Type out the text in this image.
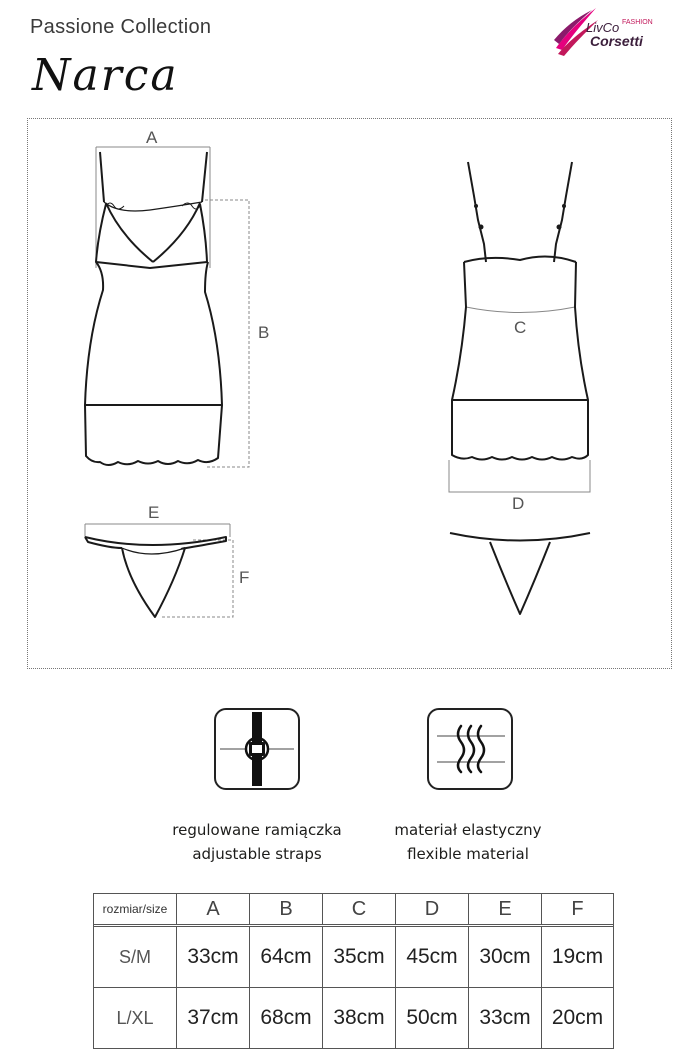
Passione Collection
Narca
LivCo FASHION
Corsetti
A
B	C
D
E
F
regulowane ramiączka
adjustable straps
materiał elastyczny
flexible material
rozmiar/size	A	B	C	D	E	F

S/M	33cm	64cm	35cm	45cm	30cm	19cm
L/XL	37cm	68cm	38cm	50cm	33cm	20cm
